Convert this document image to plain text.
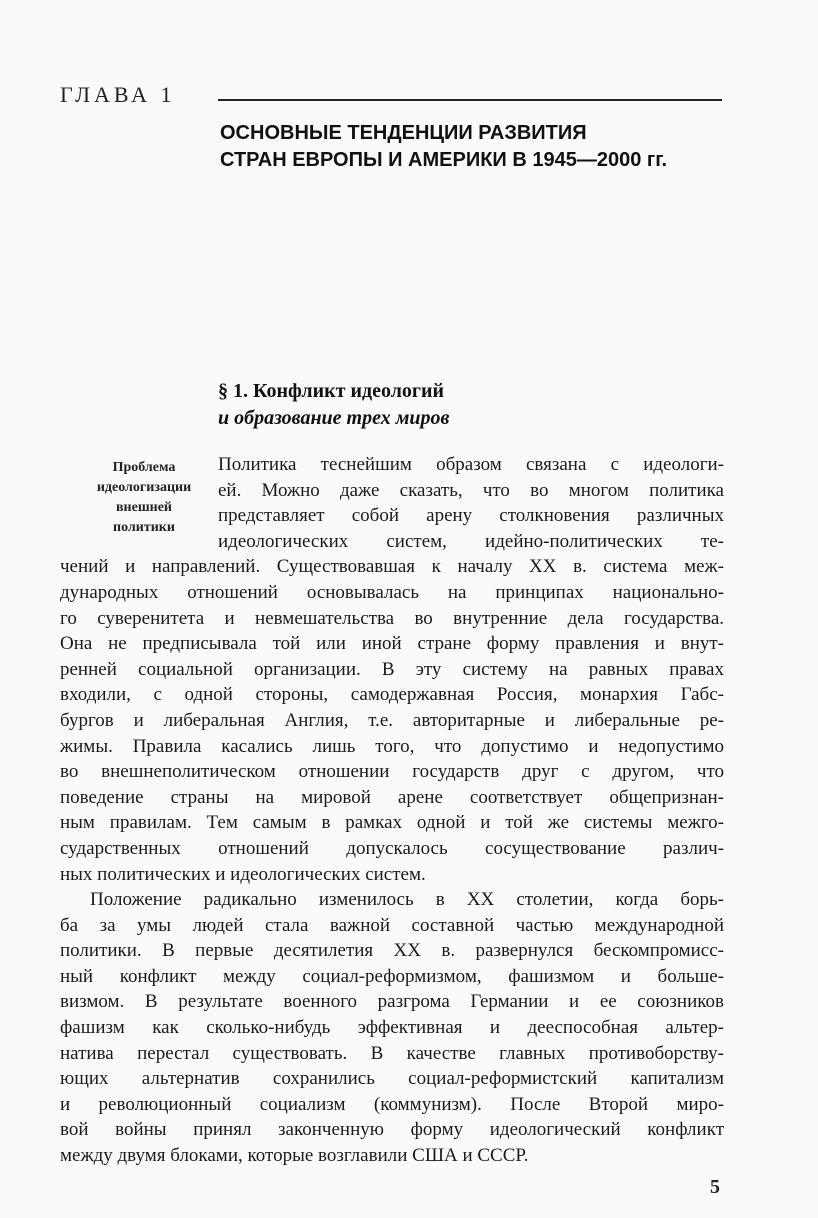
ГЛАВА 1
ОСНОВНЫЕ ТЕНДЕНЦИИ РАЗВИТИЯ
СТРАН ЕВРОПЫ И АМЕРИКИ В 1945—2000 гг.
§ 1. Конфликт идеологий
и образование трех миров
Проблема
идеологизации
внешней
политики
Политика теснейшим образом связана с идеологи-
ей. Можно даже сказать, что во многом политика
представляет собой арену столкновения различных
идеологических систем, идейно-политических те-
чений и направлений. Существовавшая к началу XX в. система меж-
дународных отношений основывалась на принципах национально-
го суверенитета и невмешательства во внутренние дела государства.
Она не предписывала той или иной стране форму правления и внут-
ренней социальной организации. В эту систему на равных правах
входили, с одной стороны, самодержавная Россия, монархия Габс-
бургов и либеральная Англия, т.е. авторитарные и либеральные ре-
жимы. Правила касались лишь того, что допустимо и недопустимо
во внешнеполитическом отношении государств друг с другом, что
поведение страны на мировой арене соответствует общепризнан-
ным правилам. Тем самым в рамках одной и той же системы межго-
сударственных отношений допускалось сосуществование различ-
ных политических и идеологических систем.
Положение радикально изменилось в XX столетии, когда борь-
ба за умы людей стала важной составной частью международной
политики. В первые десятилетия XX в. развернулся бескомпромисс-
ный конфликт между социал-реформизмом, фашизмом и больше-
визмом. В результате военного разгрома Германии и ее союзников
фашизм как сколько-нибудь эффективная и дееспособная альтер-
натива перестал существовать. В качестве главных противоборству-
ющих альтернатив сохранились социал-реформистский капитализм
и революционный социализм (коммунизм). После Второй миро-
вой войны принял законченную форму идеологический конфликт
между двумя блоками, которые возглавили США и СССР.
5
